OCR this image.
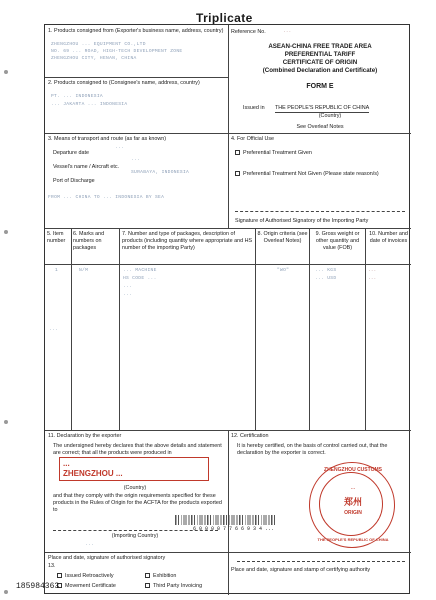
Triplicate
1. Products consigned from (Exporter's business name, address, country)
ZHENGZHOU ... EQUIPMENT CO.,LTD
NO. 69 ... ROAD, HIGH-TECH DEVELOPMENT ZONE
ZHENGZHOU CITY, HENAN, CHINA
2. Products consigned to (Consignee's name, address, country)
PT. ... INDONESIA
... JAKARTA ... INDONESIA
3. Means of transport and route (as far as known)
Departure date
...
...
Vessel's name / Aircraft etc.
SURABAYA, INDONESIA
Port of Discharge
FROM ... CHINA TO ... INDONESIA BY SEA
Reference No.	...
ASEAN-CHINA FREE TRADE AREA
PREFERENTIAL TARIFF
CERTIFICATE OF ORIGIN
(Combined Declaration and Certificate)
FORM E
Issued in THE PEOPLE'S REPUBLIC OF CHINA
(Country)
See Overleaf Notes
4. For Official Use
Preferential Treatment Given
Preferential Treatment Not Given (Please state reason/s)
Signature of Authorised Signatory of the Importing Party
5. Item number
6. Marks and numbers on packages
7. Number and type of packages, description of products (including quantity where appropriate and HS number of the importing Party)
8. Origin criteria (see Overleaf Notes)
9. Gross weight or other quantity and value (FOB)
10. Number and date of invoices
1	N/M	... MACHINE
HS CODE ...
...
...
"WO"	... KGS
... USD
...
...
...
11. Declaration by the exporter
The undersigned hereby declares that the above details and statement are correct; that all the products were produced in
...
ZHENGZHOU ...
(Country)
and that they comply with the origin requirements specified for these products in the Rules of Origin for the ACFTA for the products exported to
(Importing Country)
...
Place and date, signature of authorised signatory
12. Certification
It is hereby certified, on the basis of control carried out, that the declaration by the exporter is correct.
ZHENGZHOU CUSTOMS
...
郑州
ORIGIN
THE PEOPLE'S REPUBLIC OF CHINA
6 0 0 0 0 7 7 6 6 9 3 4 ...
Place and date, signature and stamp of certifying authority
13.
Issued Retroactively	Exhibition
Movement Certificate	Third Party Invoicing
185984363
